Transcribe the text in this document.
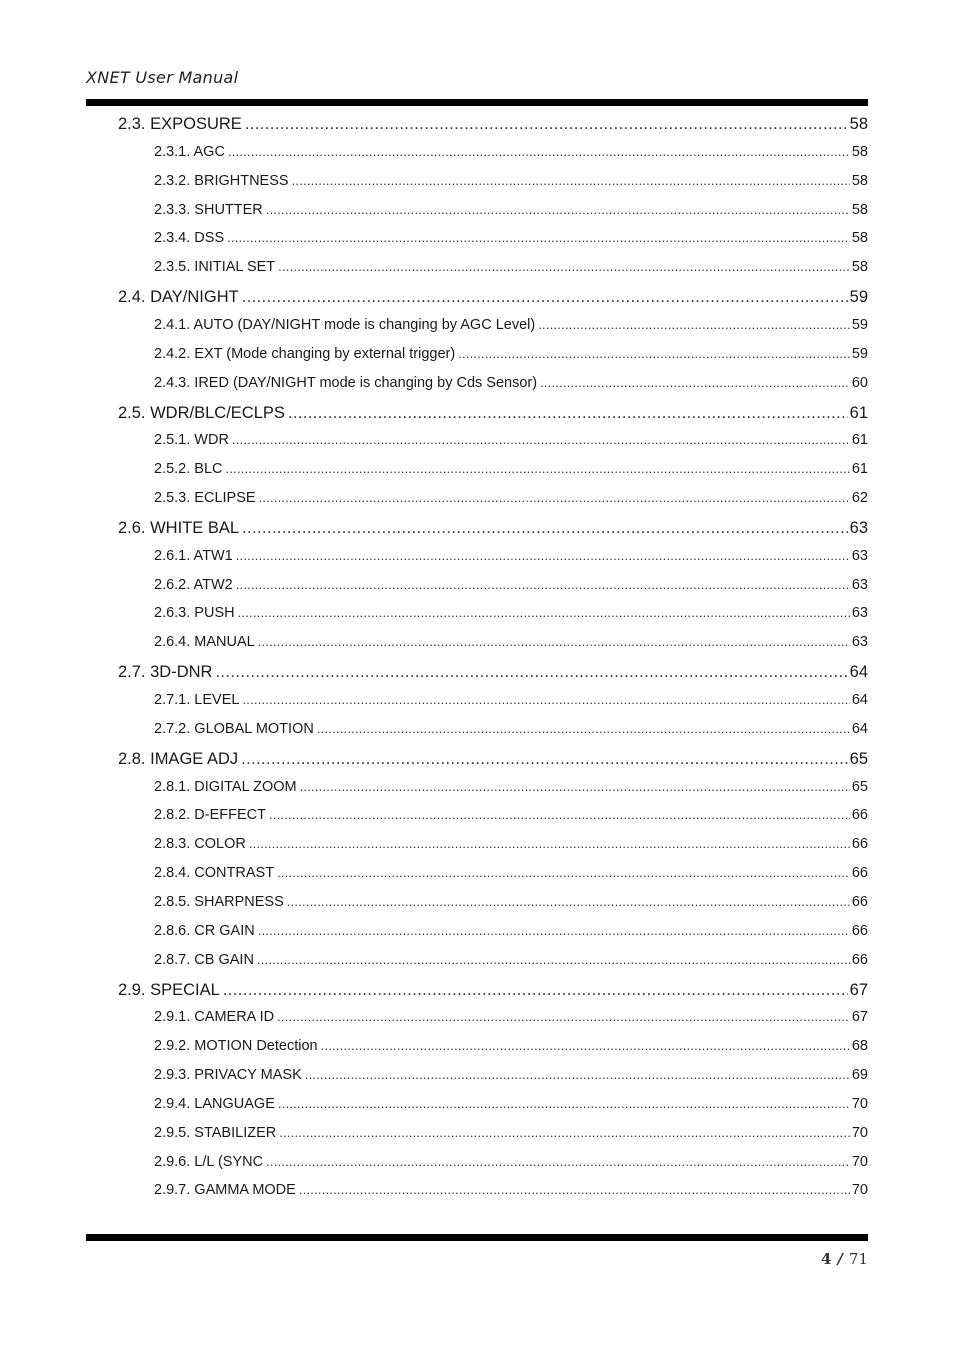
XNET User Manual
2.3. EXPOSURE .....	58
2.3.1. AGC .....	58
2.3.2. BRIGHTNESS .....	58
2.3.3. SHUTTER .....	58
2.3.4. DSS .....	58
2.3.5. INITIAL SET .....	58
2.4. DAY/NIGHT .....	59
2.4.1. AUTO (DAY/NIGHT mode is changing by AGC Level) .....	59
2.4.2. EXT (Mode changing by external trigger) .....	59
2.4.3. IRED (DAY/NIGHT mode is changing by Cds Sensor) .....	60
2.5. WDR/BLC/ECLPS .....	61
2.5.1. WDR .....	61
2.5.2. BLC .....	61
2.5.3. ECLIPSE .....	62
2.6. WHITE BAL .....	63
2.6.1. ATW1 .....	63
2.6.2. ATW2 .....	63
2.6.3. PUSH .....	63
2.6.4. MANUAL .....	63
2.7. 3D-DNR .....	64
2.7.1. LEVEL .....	64
2.7.2. GLOBAL MOTION .....	64
2.8. IMAGE ADJ .....	65
2.8.1. DIGITAL ZOOM .....	65
2.8.2. D-EFFECT .....	66
2.8.3. COLOR .....	66
2.8.4. CONTRAST .....	66
2.8.5. SHARPNESS .....	66
2.8.6. CR GAIN .....	66
2.8.7. CB GAIN .....	66
2.9. SPECIAL .....	67
2.9.1. CAMERA ID .....	67
2.9.2. MOTION Detection .....	68
2.9.3. PRIVACY MASK .....	69
2.9.4. LANGUAGE .....	70
2.9.5. STABILIZER .....	70
2.9.6. L/L (SYNC .....	70
2.9.7. GAMMA MODE .....	70
4 / 71
